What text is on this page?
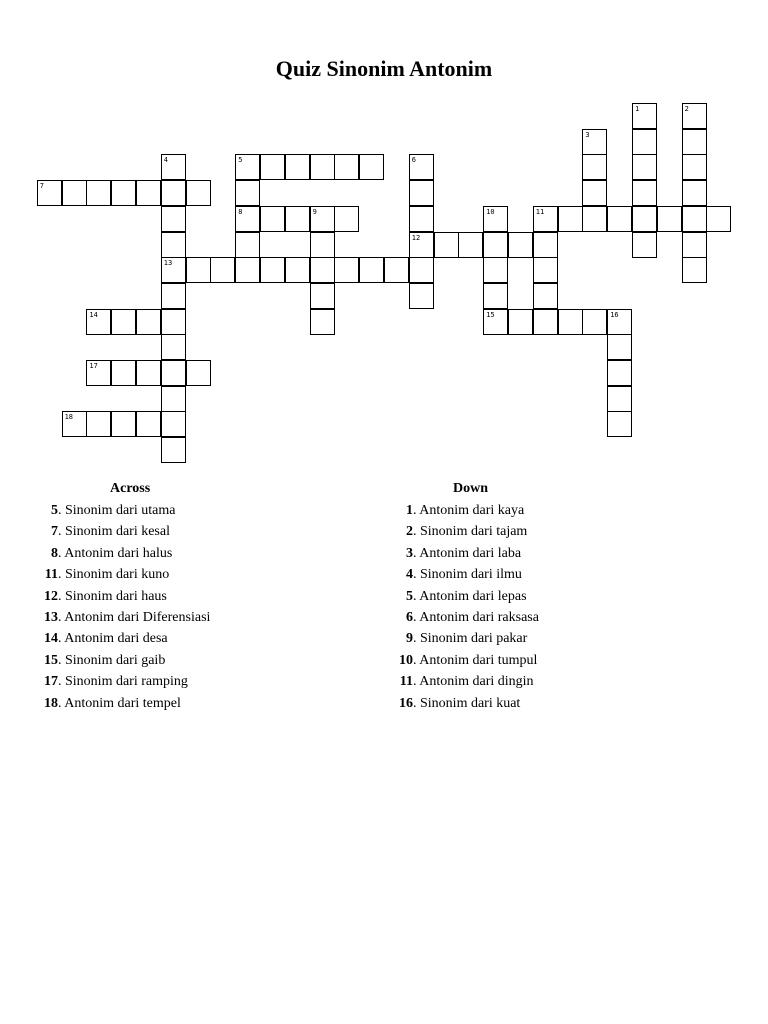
Quiz Sinonim Antonim
1	2
3
4
13
5
8
6
12
7
9	10
15
11
14	16
17
18
Across
5. Sinonim dari utama
7. Sinonim dari kesal
8. Antonim dari halus
11. Sinonim dari kuno
12. Sinonim dari haus
13. Antonim dari Diferensiasi
14. Antonim dari desa
15. Sinonim dari gaib
17. Sinonim dari ramping
18. Antonim dari tempel
Down
1. Antonim dari kaya
2. Sinonim dari tajam
3. Antonim dari laba
4. Sinonim dari ilmu
5. Antonim dari lepas
6. Antonim dari raksasa
9. Sinonim dari pakar
10. Antonim dari tumpul
11. Antonim dari dingin
16. Sinonim dari kuat
